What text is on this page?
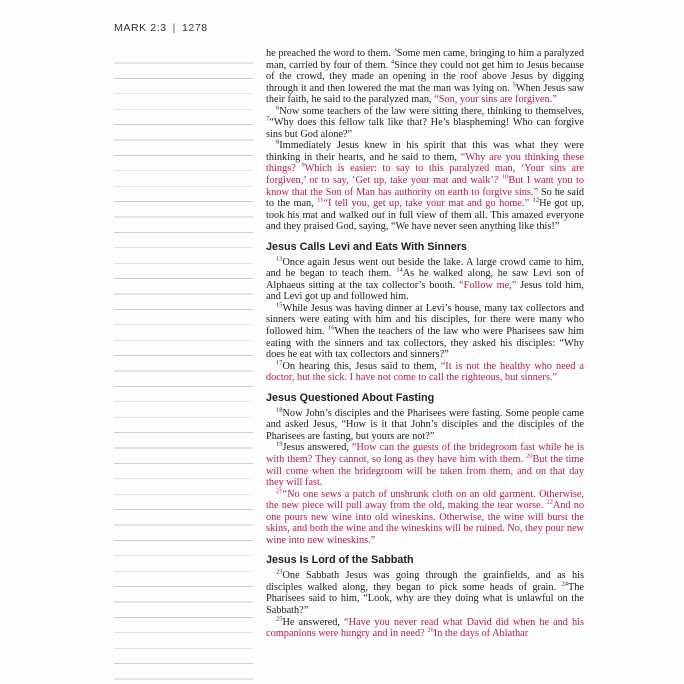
MARK 2:3 | 1278

he preached the word to them. $^3$Some men came, bringing to him a paralyzed man, carried by four of them. $^4$Since they could not get him to Jesus because of the crowd, they made an opening in the roof above Jesus by digging through it and then lowered the mat the man was lying on. $^5$When Jesus saw their faith, he said to the paralyzed man, “Son, your sins are forgiven.”

$^6$Now some teachers of the law were sitting there, thinking to themselves, $^7$“Why does this fellow talk like that? He’s blaspheming! Who can forgive sins but God alone?”

$^8$Immediately Jesus knew in his spirit that this was what they were thinking in their hearts, and he said to them, “Why are you thinking these things? $^9$Which is easier: to say to this paralyzed man, ‘Your sins are forgiven,’ or to say, ‘Get up, take your mat and walk’? $^{10}$But I want you to know that the Son of Man has authority on earth to forgive sins.” So he said to the man, $^{11}$“I tell you, get up, take your mat and go home.” $^{12}$He got up, took his mat and walked out in full view of them all. This amazed everyone and they praised God, saying, “We have never seen anything like this!”

Jesus Calls Levi and Eats With Sinners

$^{13}$Once again Jesus went out beside the lake. A large crowd came to him, and he began to teach them. $^{14}$As he walked along, he saw Levi son of Alphaeus sitting at the tax collector’s booth. “Follow me,” Jesus told him, and Levi got up and followed him.

$^{15}$While Jesus was having dinner at Levi’s house, many tax collectors and sinners were eating with him and his disciples, for there were many who followed him. $^{16}$When the teachers of the law who were Pharisees saw him eating with the sinners and tax collectors, they asked his disciples: “Why does he eat with tax collectors and sinners?”

$^{17}$On hearing this, Jesus said to them, “It is not the healthy who need a doctor, but the sick. I have not come to call the righteous, but sinners.”

Jesus Questioned About Fasting

$^{18}$Now John’s disciples and the Pharisees were fasting. Some people came and asked Jesus, “How is it that John’s disciples and the disciples of the Pharisees are fasting, but yours are not?”

$^{19}$Jesus answered, “How can the guests of the bridegroom fast while he is with them? They cannot, so long as they have him with them. $^{20}$But the time will come when the bridegroom will be taken from them, and on that day they will fast.

$^{21}$“No one sews a patch of unshrunk cloth on an old garment. Otherwise, the new piece will pull away from the old, making the tear worse. $^{22}$And no one pours new wine into old wineskins. Otherwise, the wine will burst the skins, and both the wine and the wineskins will be ruined. No, they pour new wine into new wineskins.”

Jesus Is Lord of the Sabbath

$^{23}$One Sabbath Jesus was going through the grainfields, and as his disciples walked along, they began to pick some heads of grain. $^{24}$The Pharisees said to him, “Look, why are they doing what is unlawful on the Sabbath?”

$^{25}$He answered, “Have you never read what David did when he and his companions were hungry and in need? $^{26}$In the days of Abiathar
